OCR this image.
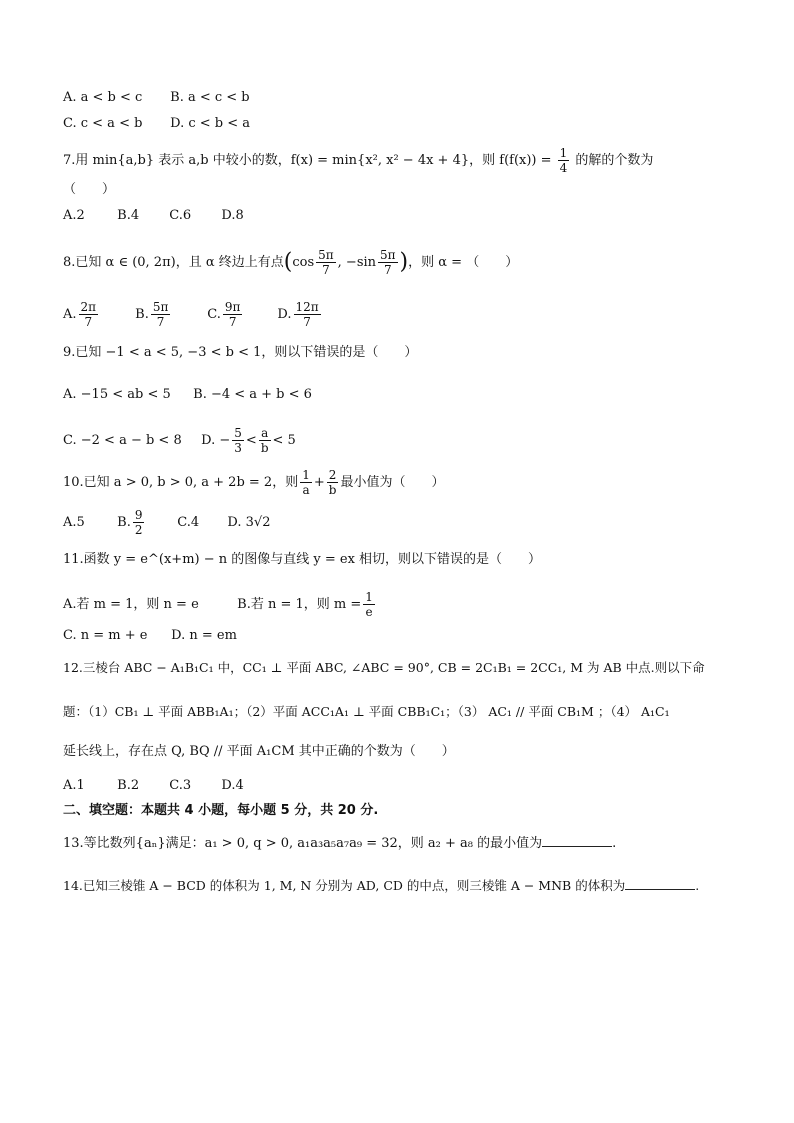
A. a < b < c B. a < c < b
C. c < a < b D. c < b < a
7.用 min{a,b} 表示 a,b 中较小的数，f(x) = min{x², x² − 4x + 4}，则 $f(f(x)) = \frac{1}{4}$ 的解的个数为
（　　）
A.2 B.4 C.6 D.8
8.已知 α ∈ (0, 2π)，且 α 终边上有点($\cos \frac{5\pi}{7}$ , $-\sin \frac{5\pi}{7}$ )，则 α = （　　）
A. $\frac{2\pi}{7}$	B. $\frac{5\pi}{7}$	C. $\frac{9\pi}{7}$	D. $\frac{12\pi}{7}$
9.已知 −1 < a < 5, −3 < b < 1，则以下错误的是（　　）
A. −15 < ab < 5 B. −4 < a + b < 6
C. −2 < a − b < 8 D. − $\frac{5}{3} < \frac{a}{b} < 5$
10.已知 a > 0, b > 0, a + 2b = 2，则 $\frac{1}{a} + \frac{2}{b}$ 最小值为（　　）
A.5 B. $\frac{9}{2}$	C.4 D. 3√2
11.函数 y = e^(x+m) − n 的图像与直线 y = ex 相切，则以下错误的是（　　）
A.若 m = 1，则 n = e	B.若 n = 1，则 $m = \frac{1}{e}$
C. n = m + e D. n = em
12.三棱台 ABC − A₁B₁C₁ 中，CC₁ ⊥ 平面 ABC, ∠ABC = 90°, CB = 2C₁B₁ = 2CC₁, M 为 AB 中点.则以下命
题：（1）CB₁ ⊥ 平面 ABB₁A₁；（2）平面 ACC₁A₁ ⊥ 平面 CBB₁C₁；（3） AC₁ // 平面 CB₁M ；（4） A₁C₁
延长线上，存在点 Q, BQ // 平面 A₁CM 其中正确的个数为（　　）
A.1 B.2 C.3 D.4
二、填空题：本题共 4 小题，每小题 5 分，共 20 分.
13.等比数列{aₙ}满足：a₁ > 0, q > 0, a₁a₃a₅a₇a₉ = 32，则 a₂ + a₈ 的最小值为	.
14.已知三棱锥 A − BCD 的体积为 1, M, N 分别为 AD, CD 的中点，则三棱锥 A − MNB 的体积为	.
